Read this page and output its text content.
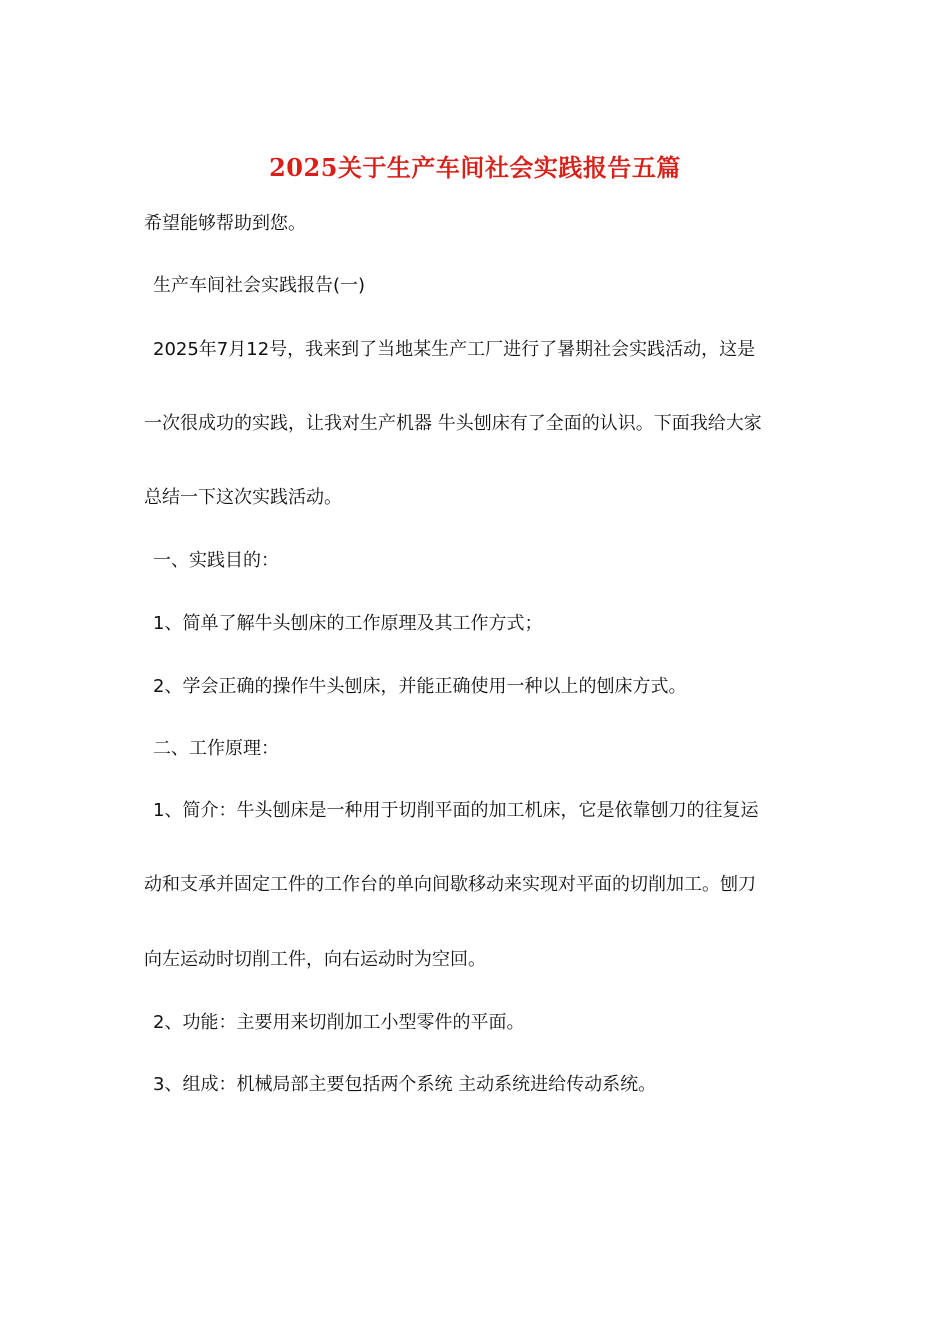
2025关于生产车间社会实践报告五篇
希望能够帮助到您。
生产车间社会实践报告(一)
2025年7月12号，我来到了当地某生产工厂进行了暑期社会实践活动，这是
一次很成功的实践，让我对生产机器 牛头刨床有了全面的认识。下面我给大家
总结一下这次实践活动。
一、实践目的：
1、简单了解牛头刨床的工作原理及其工作方式；
2、学会正确的操作牛头刨床，并能正确使用一种以上的刨床方式。
二、工作原理：
1、简介：牛头刨床是一种用于切削平面的加工机床，它是依靠刨刀的往复运
动和支承并固定工件的工作台的单向间歇移动来实现对平面的切削加工。刨刀
向左运动时切削工件，向右运动时为空回。
2、功能：主要用来切削加工小型零件的平面。
3、组成：机械局部主要包括两个系统 主动系统进给传动系统。
